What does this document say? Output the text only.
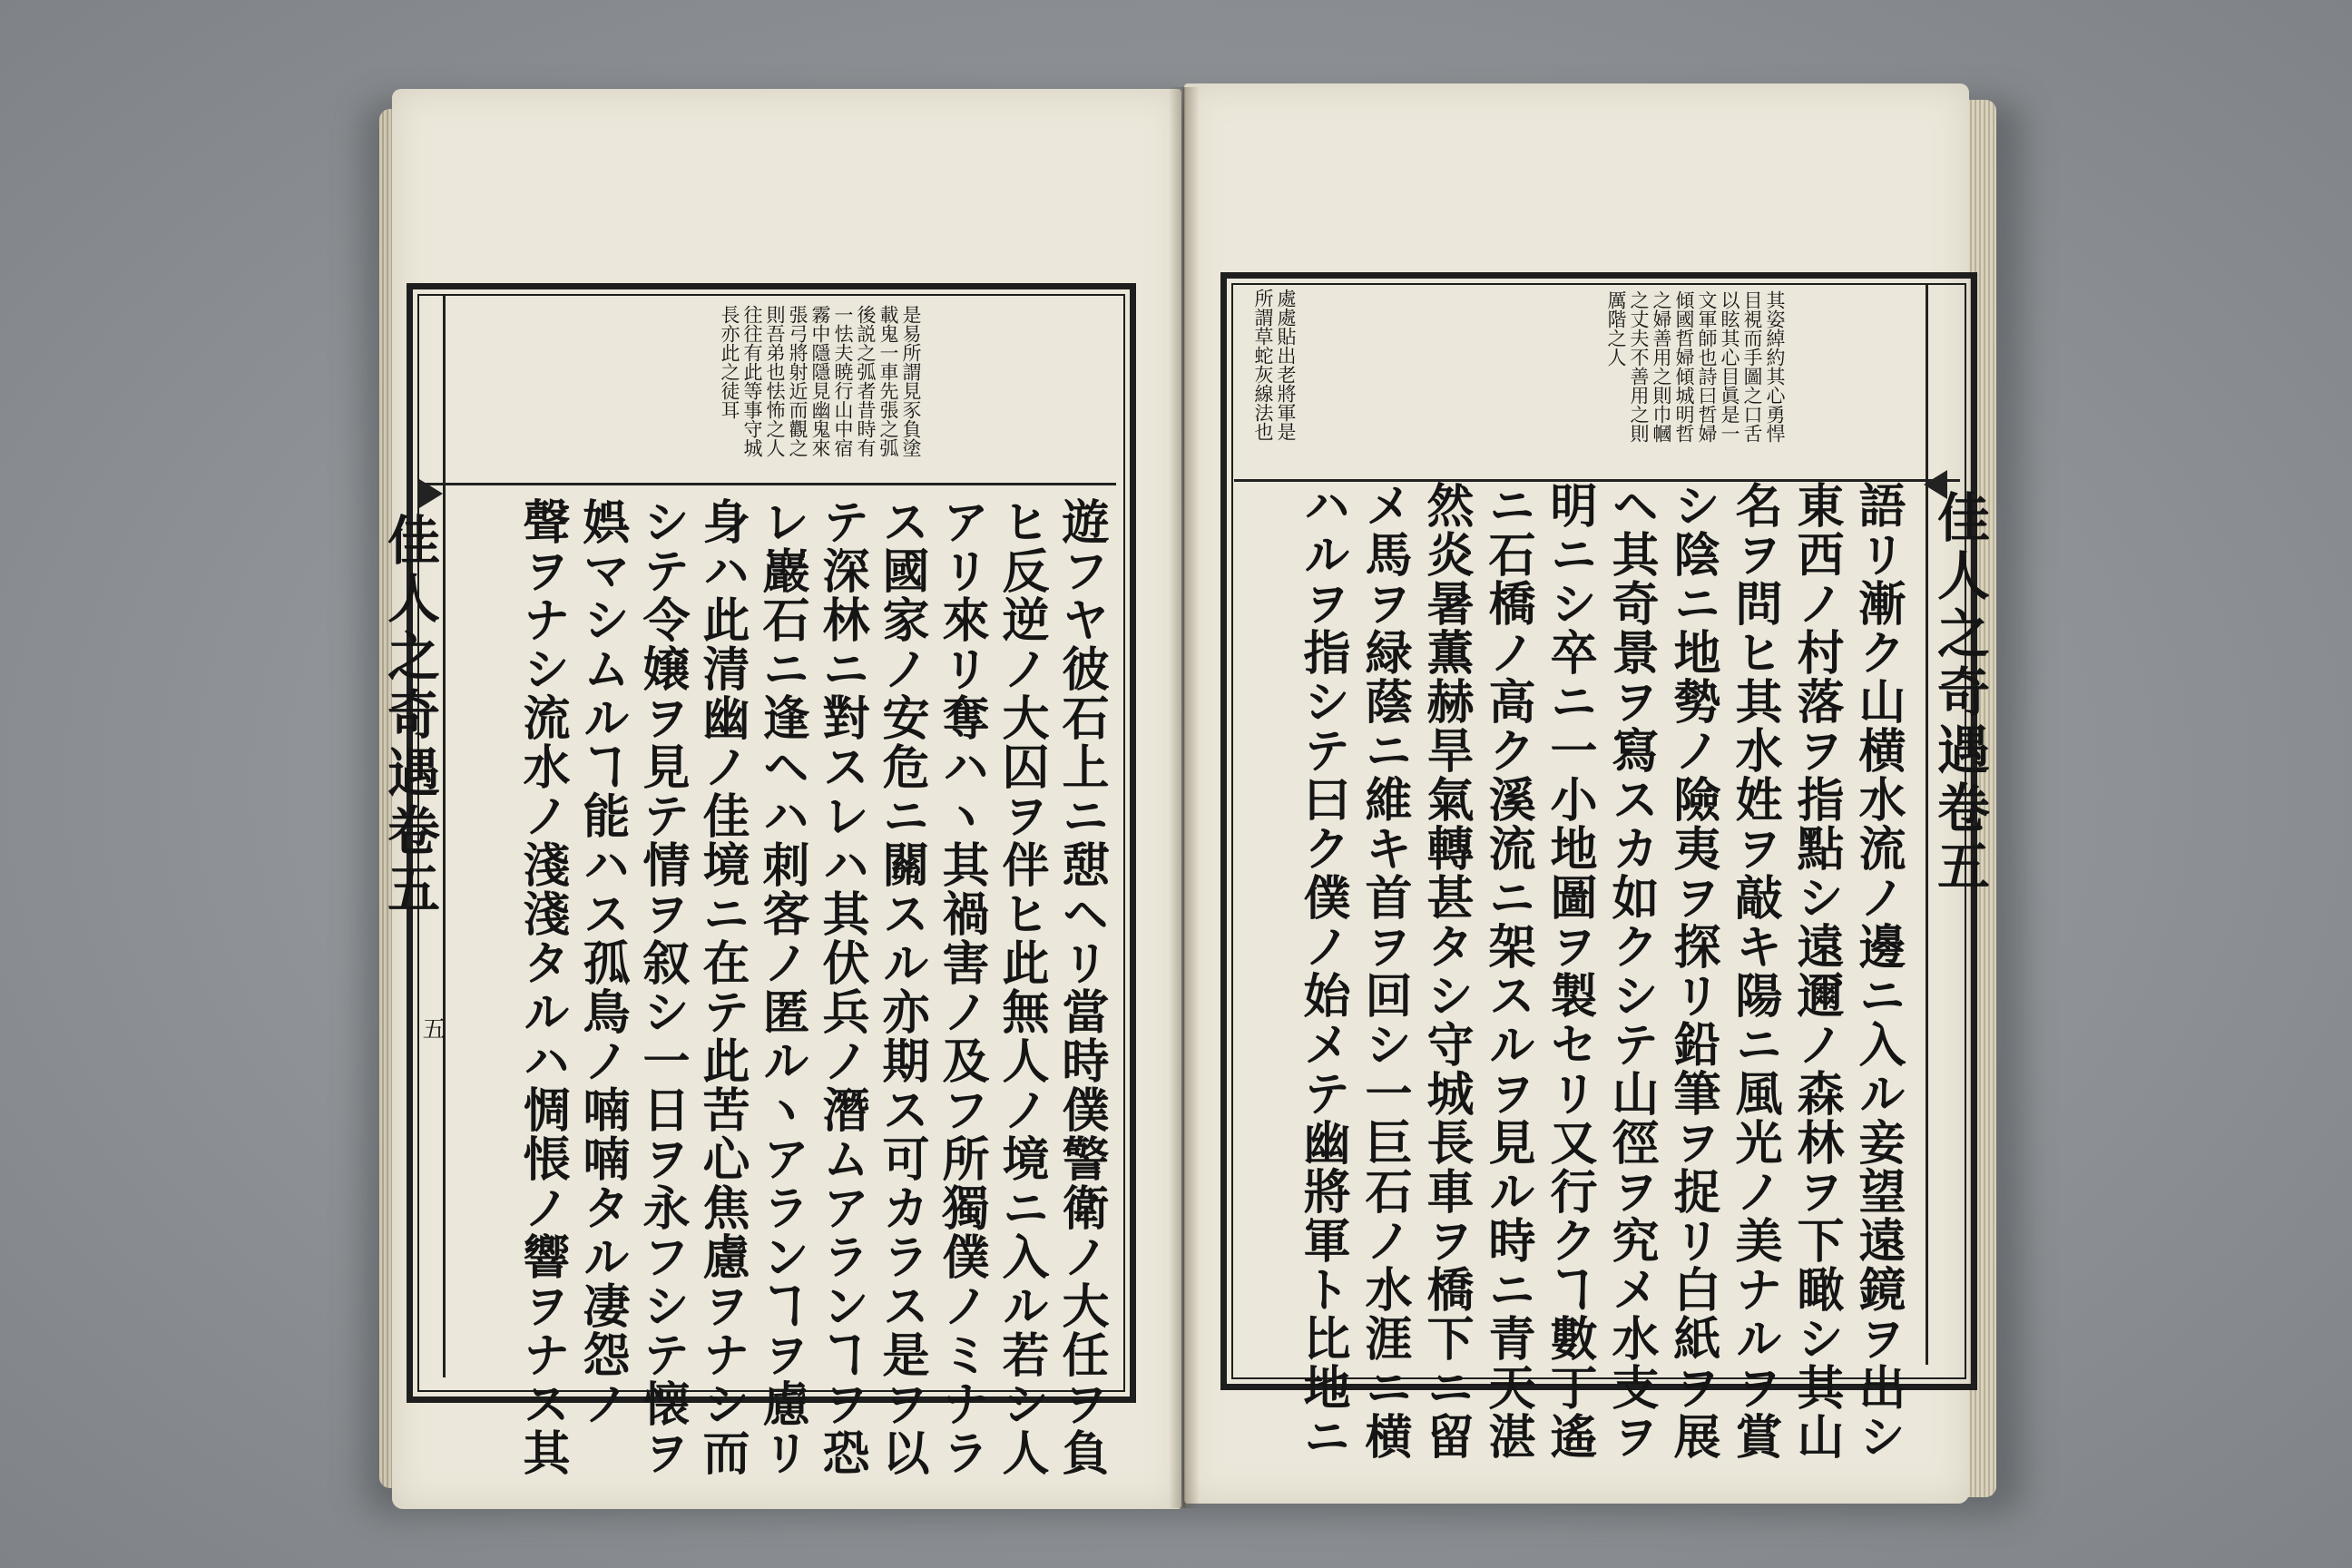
佳人之奇遇卷五
五
是易所謂見豕負塗
載鬼一車先張之弧
後説之弧者昔時有
一怯夫暁行山中宿
霧中隱隱見幽鬼來
張弓將射近而觀之
則吾弟也怯怖之人
往往有此等事守城
長亦此之徒耳
遊フヤ彼石上ニ憇ヘリ當時僕警衛ノ大任ヲ負
ヒ反逆ノ大囚ヲ伴ヒ此無人ノ境ニ入ル若シ人
アリ來リ奪ハヽ其禍害ノ及フ所獨僕ノミナラ
ス國家ノ安危ニ關スル亦期ス可カラス是ヲ以
テ深林ニ對スレハ其伏兵ノ潛ムアランヿヲ恐
レ巖石ニ逢ヘハ刺客ノ匿ルヽアランヿヲ慮リ
身ハ此清幽ノ佳境ニ在テ此苦心焦慮ヲナシ而
シテ令嬢ヲ見テ情ヲ叙シ一日ヲ永フシテ懐ヲ
娯マシムルヿ能ハス孤鳥ノ喃喃タル凄怨ノ
聲ヲナシ流水ノ淺淺タルハ惆悵ノ響ヲナス其	佳人之奇遇卷五
其姿綽約其心勇悍
目視而手圖之口舌
以眩其心目眞是一
文軍師也詩曰哲婦
傾國哲婦傾城明哲
之婦善用之則巾幗
之丈夫不善用之則
厲階之人
處處貼出老將軍是
所謂草蛇灰線法也
語リ漸ク山横水流ノ邊ニ入ル妾望遠鏡ヲ出シ
東西ノ村落ヲ指點シ遠邇ノ森林ヲ下瞰シ其山
名ヲ問ヒ其水姓ヲ敲キ陽ニ風光ノ美ナルヲ賞
シ陰ニ地勢ノ險夷ヲ探リ鉛筆ヲ捉リ白紙ヲ展
ヘ其奇景ヲ寫スカ如クシテ山徑ヲ究メ水支ヲ
明ニシ卒ニ一小地圖ヲ製セリ又行クヿ數丁遙
ニ石橋ノ高ク溪流ニ架スルヲ見ル時ニ青天湛
然炎暑薫赫旱氣轉甚タシ守城長車ヲ橋下ニ留
メ馬ヲ緑蔭ニ維キ首ヲ回シ一巨石ノ水涯ニ横
ハルヲ指シテ曰ク僕ノ始メテ幽將軍ト比地ニ
